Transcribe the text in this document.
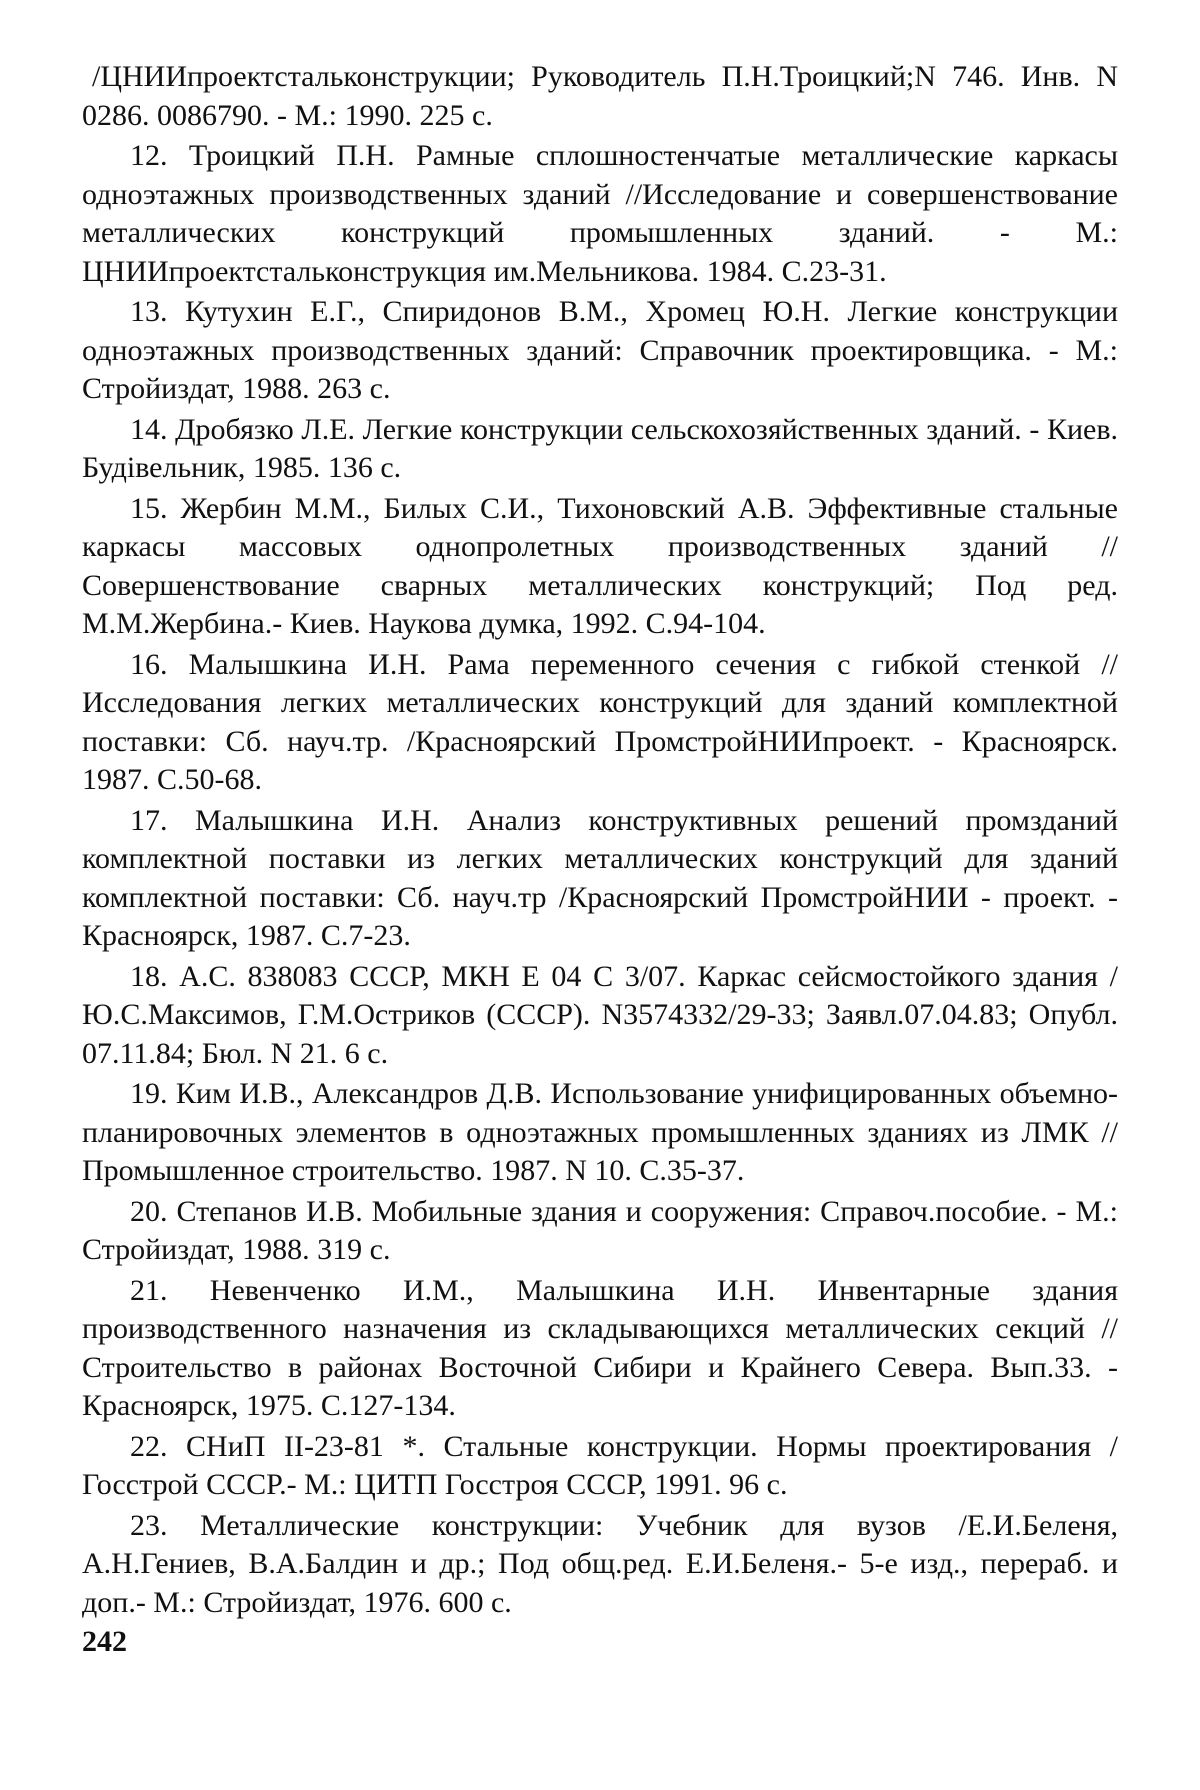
/ЦНИИпроектстальконструкции; Руководитель П.Н.Троицкий;N 746. Инв. N 0286. 0086790. - М.: 1990. 225 с.

12. Троицкий П.Н. Рамные сплошностенчатые металлические каркасы одноэтажных производственных зданий //Исследование и совершенствование металлических конструкций промышленных зданий. - М.: ЦНИИпроектстальконструкция им.Мельникова. 1984. С.23-31.

13. Кутухин Е.Г., Спиридонов В.М., Хромец Ю.Н. Легкие конструкции одноэтажных производственных зданий: Справочник проектировщика. - М.: Стройиздат, 1988. 263 с.

14. Дробязко Л.Е. Легкие конструкции сельскохозяйственных зданий. - Киев. Будівельник, 1985. 136 с.

15. Жербин М.М., Билых С.И., Тихоновский А.В. Эффективные стальные каркасы массовых однопролетных производственных зданий //Совершенствование сварных металлических конструкций; Под ред. М.М.Жербина.- Киев. Наукова думка, 1992. С.94-104.

16. Малышкина И.Н. Рама переменного сечения с гибкой стенкой //Исследования легких металлических конструкций для зданий комплектной поставки: Сб. науч.тр. /Красноярский ПромстройНИИпроект. - Красноярск. 1987. С.50-68.

17. Малышкина И.Н. Анализ конструктивных решений промзданий комплектной поставки из легких металлических конструкций для зданий комплектной поставки: Сб. науч.тр /Красноярский ПромстройНИИ - проект. - Красноярск, 1987. С.7-23.

18. А.С. 838083 СССР, МКН Е 04 С 3/07. Каркас сейсмостойкого здания /Ю.С.Максимов, Г.М.Остриков (СССР). N3574332/29-33; Заявл.07.04.83; Опубл. 07.11.84; Бюл. N 21. 6 с.

19. Ким И.В., Александров Д.В. Использование унифицированных объемно-планировочных элементов в одноэтажных промышленных зданиях из ЛМК //Промышленное строительство. 1987. N 10. С.35-37.

20. Степанов И.В. Мобильные здания и сооружения: Справоч.пособие. - М.: Стройиздат, 1988. 319 с.

21. Невенченко И.М., Малышкина И.Н. Инвентарные здания производственного назначения из складывающихся металлических секций // Строительство в районах Восточной Сибири и Крайнего Севера. Вып.33. - Красноярск, 1975. С.127-134.

22. СНиП II-23-81 *. Стальные конструкции. Нормы проектирования /Госстрой СССР.- М.: ЦИТП Госстроя СССР, 1991. 96 с.

23. Металлические конструкции: Учебник для вузов /Е.И.Беленя, А.Н.Гениев, В.А.Балдин и др.; Под общ.ред. Е.И.Беленя.- 5-е изд., перераб. и доп.- М.: Стройиздат, 1976. 600 с.

242
